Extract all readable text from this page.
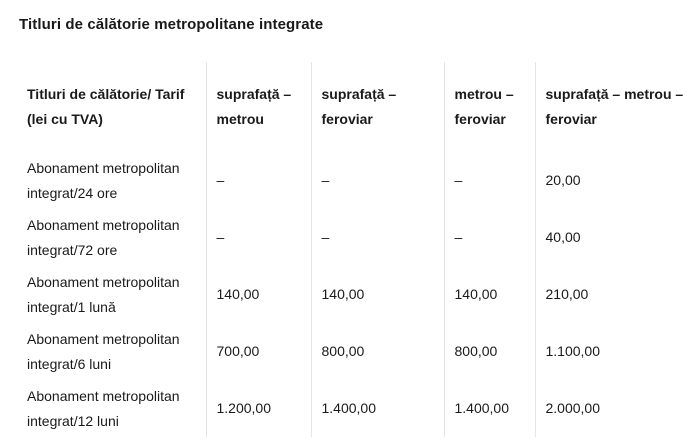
Titluri de călătorie metropolitane integrate
Titluri de călătorie/ Tarif (lei cu TVA)	suprafață – metrou	suprafață – feroviar	metrou – feroviar	suprafață – metrou – feroviar
Abonament metropolitan integrat/24 ore	–	–	–	20,00
Abonament metropolitan integrat/72 ore	–	–	–	40,00
Abonament metropolitan integrat/1 lună	140,00	140,00	140,00	210,00
Abonament metropolitan integrat/6 luni	700,00	800,00	800,00	1.100,00
Abonament metropolitan integrat/12 luni	1.200,00	1.400,00	1.400,00	2.000,00
